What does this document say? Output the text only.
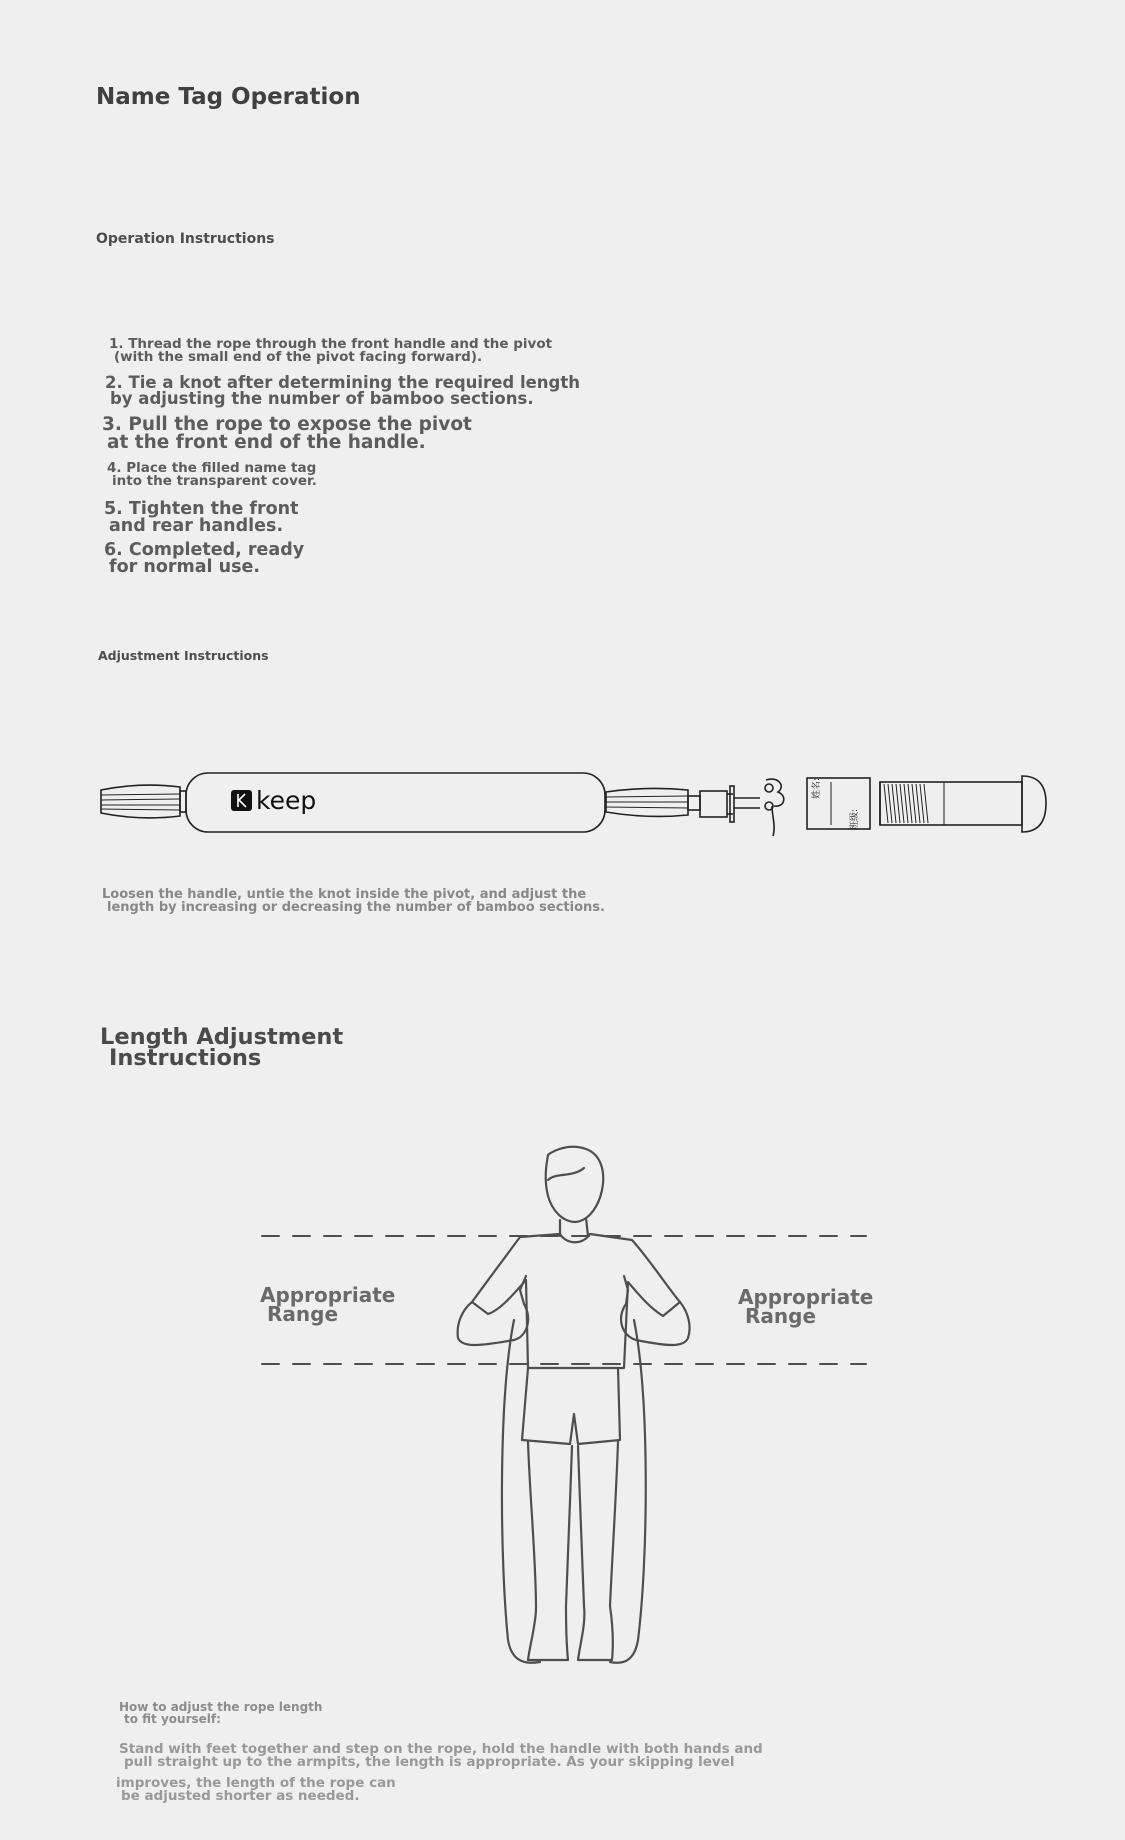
Name Tag Operation
Operation Instructions
1. Thread the rope through the front handle and the pivot
(with the small end of the pivot facing forward).
2. Tie a knot after determining the required length
by adjusting the number of bamboo sections.
3. Pull the rope to expose the pivot
at the front end of the handle.
4. Place the filled name tag
into the transparent cover.
5. Tighten the front
and rear handles.
6. Completed, ready
for normal use.
Adjustment Instructions
keep	姓名:
班级:
Loosen the handle, untie the knot inside the pivot, and adjust the
length by increasing or decreasing the number of bamboo sections.
Length Adjustment
Instructions
Appropriate
Range
Appropriate
Range
How to adjust the rope length
to fit yourself:
Stand with feet together and step on the rope, hold the handle with both hands and
pull straight up to the armpits, the length is appropriate. As your skipping level
improves, the length of the rope can
be adjusted shorter as needed.
